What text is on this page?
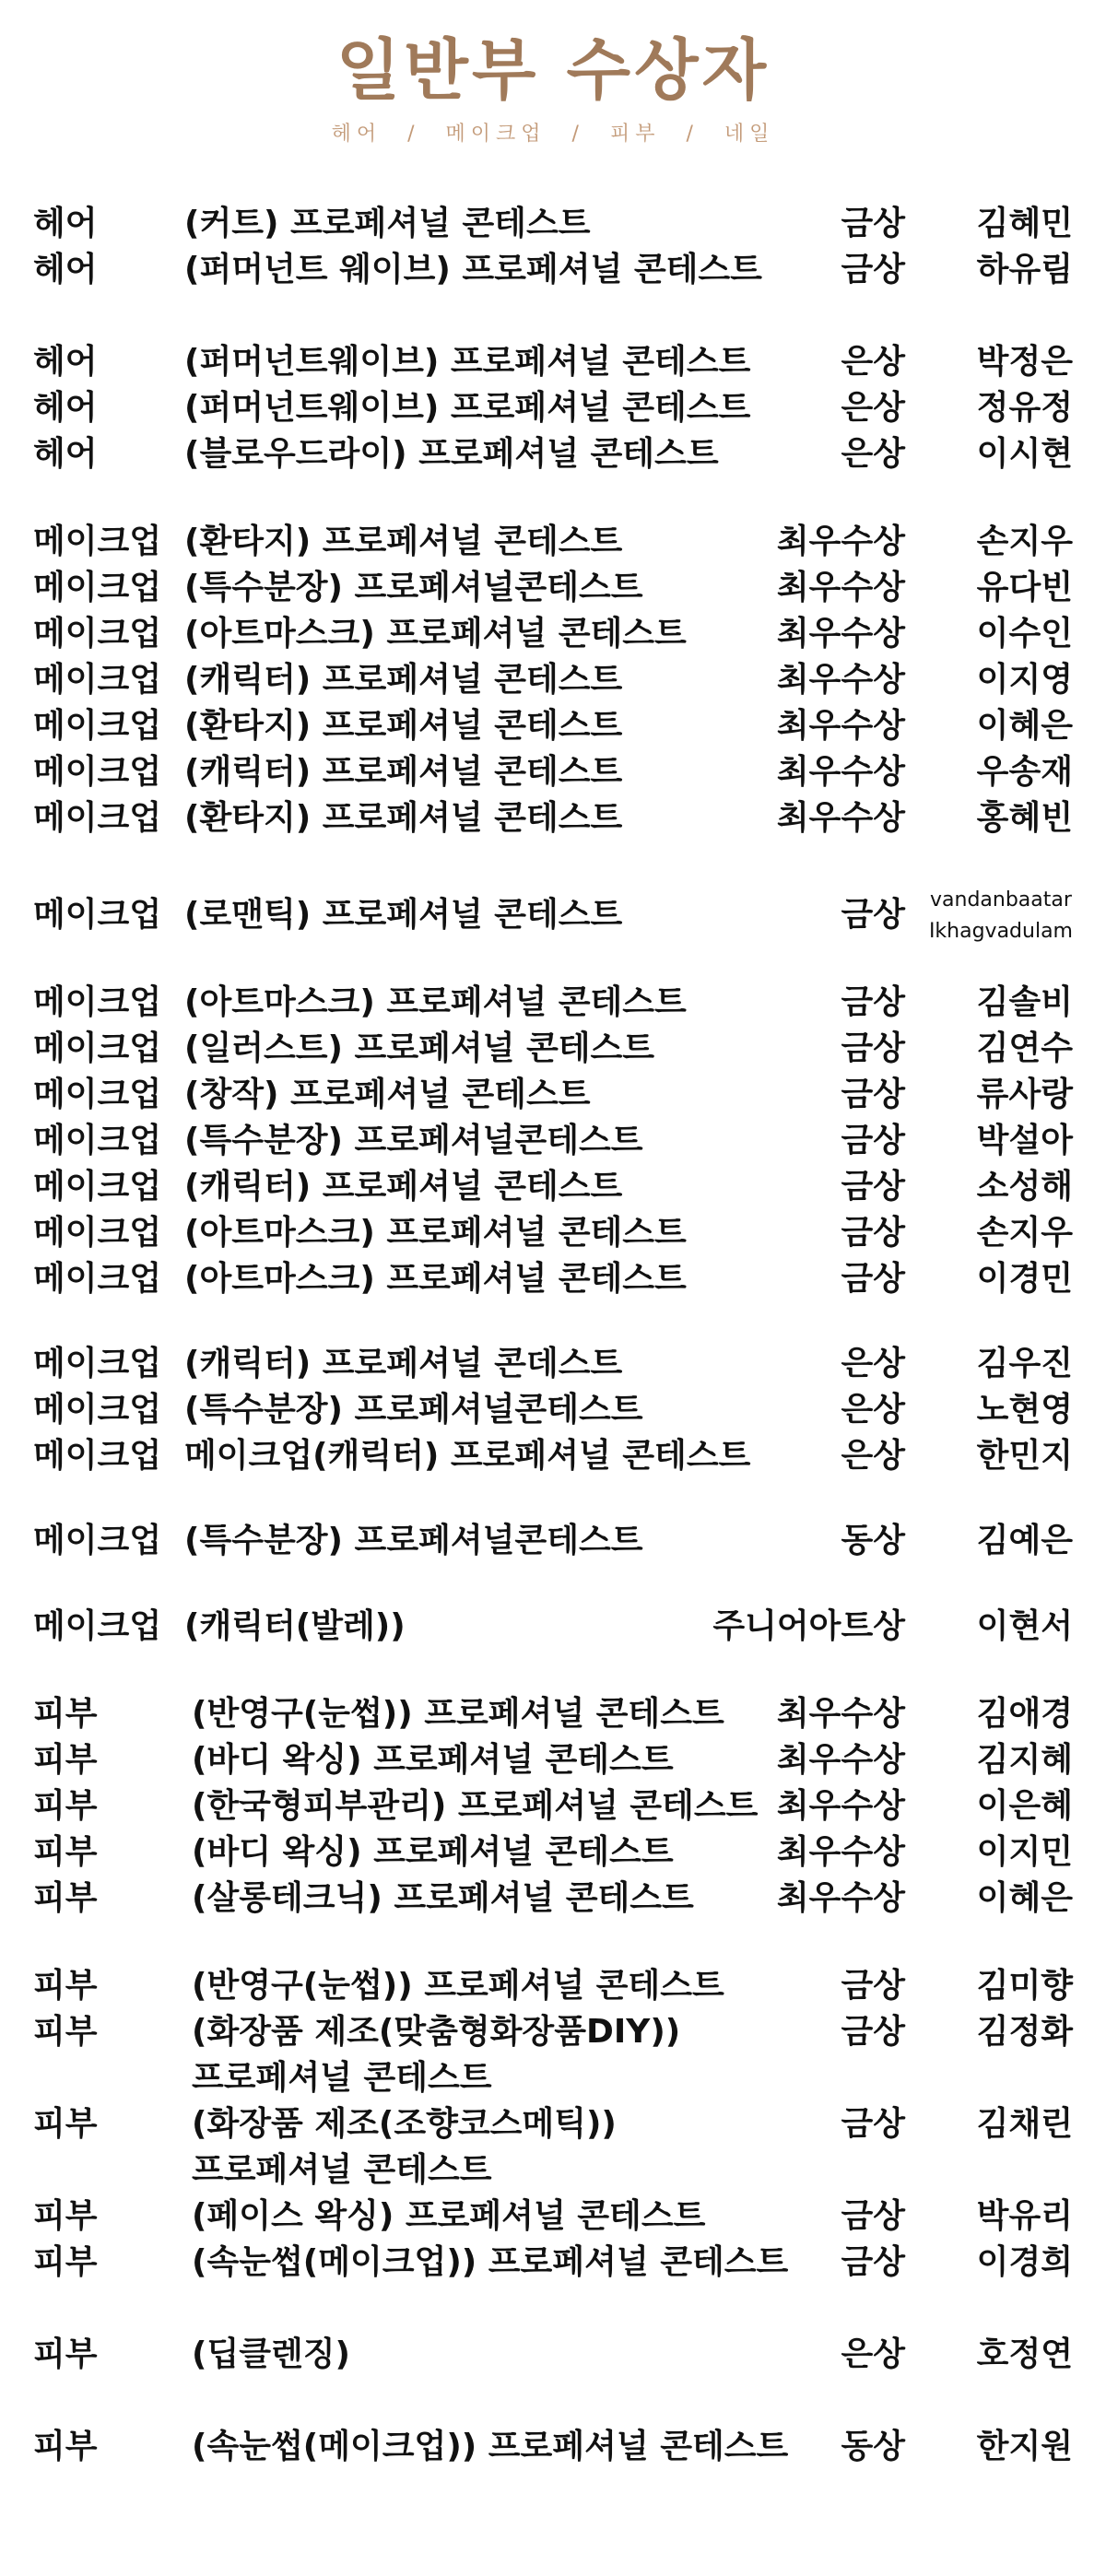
일반부 수상자
헤어 / 메이크업 / 피부 / 네일
헤어	(커트) 프로페셔널 콘테스트	금상 김혜민
헤어	(퍼머넌트 웨이브) 프로페셔널 콘테스트 금상 하유림
헤어	(퍼머넌트웨이브) 프로페셔널 콘테스트	은상 박정은
헤어	(퍼머넌트웨이브) 프로페셔널 콘테스트	은상 정유정
헤어	(블로우드라이) 프로페셔널 콘테스트	은상 이시현
메이크업 (환타지) 프로페셔널 콘테스트	최우수상 손지우
메이크업 (특수분장) 프로페셔널콘테스트	최우수상 유다빈
메이크업 (아트마스크) 프로페셔널 콘테스트	최우수상 이수인
메이크업 (캐릭터) 프로페셔널 콘테스트	최우수상 이지영
메이크업 (환타지) 프로페셔널 콘테스트	최우수상 이혜은
메이크업 (캐릭터) 프로페셔널 콘테스트	최우수상 우송재
메이크업 (환타지) 프로페셔널 콘테스트	최우수상 홍혜빈
메이크업 (로맨틱) 프로페셔널 콘테스트	금상 vandanbaatar
Ikhagvadulam
메이크업 (아트마스크) 프로페셔널 콘테스트	금상 김솔비
메이크업 (일러스트) 프로페셔널 콘테스트	금상 김연수
메이크업 (창작) 프로페셔널 콘테스트	금상 류사랑
메이크업 (특수분장) 프로페셔널콘테스트	금상 박설아
메이크업 (캐릭터) 프로페셔널 콘테스트	금상 소성해
메이크업 (아트마스크) 프로페셔널 콘테스트	금상 손지우
메이크업 (아트마스크) 프로페셔널 콘테스트	금상 이경민
메이크업 (캐릭터) 프로페셔널 콘데스트	은상 김우진
메이크업 (특수분장) 프로페셔널콘테스트	은상 노현영
메이크업 메이크업(캐릭터) 프로페셔널 콘테스트	은상 한민지
메이크업 (특수분장) 프로페셔널콘테스트	동상 김예은
메이크업 (캐릭터(발레))	주니어아트상 이현서
피부	(반영구(눈썹)) 프로페셔널 콘테스트 최우수상 김애경
피부	(바디 왁싱) 프로페셔널 콘테스트	최우수상 김지혜
피부	(한국형피부관리) 프로페셔널 콘테스트 최우수상 이은혜
피부	(바디 왁싱) 프로페셔널 콘테스트	최우수상 이지민
피부	(살롱테크닉) 프로페셔널 콘테스트	최우수상 이혜은
피부	(반영구(눈썹)) 프로페셔널 콘테스트	금상 김미향
피부	(화장품 제조(맞춤형화장품DIY))
프로페셔널 콘테스트
금상 김정화
피부	(화장품 제조(조향코스메틱))
프로페셔널 콘테스트
금상 김채린
피부	(페이스 왁싱) 프로페셔널 콘테스트	금상 박유리
피부	(속눈썹(메이크업)) 프로페셔널 콘테스트 금상 이경희
피부	(딥클렌징)	은상 호정연
피부	(속눈썹(메이크업)) 프로페셔널 콘테스트 동상 한지원
